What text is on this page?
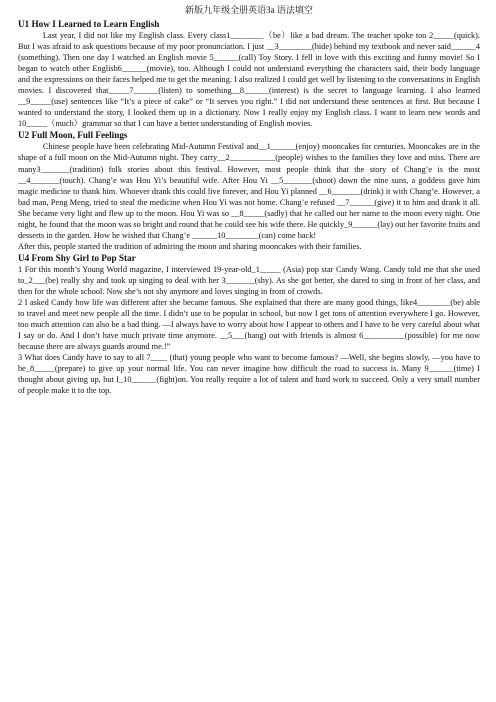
新版九年级全册英语3a 语法填空
U1 How I Learned to Learn English

Last year, I did not like my English class. Every class1________（be）like a bad dream. The teacher spoke too 2_____(quick). But I was afraid to ask questions because of my poor pronunciation. I just __3________(hide) behind my textbook and never said______4 (something). Then one day I watched an English movie 5______(call) Toy Story. I fell in love with this exciting and funny movie! So I began to watch other English6______(movie), too. Although I could not understand everything the characters said, their body language and the expressions on their faces helped me to get the meaning. I also realized I could get well by listening to the conversations in English movies. I discovered that_____7______(listen) to something__8______(interest) is the secret to language learning. I also learned __9_____(use) sentences like “It’s a piece of cake” or “It serves you right.” I did not understand these sentences at first. But because I wanted to understand the story, I looked them up in a dictionary. Now I really enjoy my English class. I want to learn new words and 10_____（much）grammar so that I can have a better understanding of English movies.

U2 Full Moon, Full Feelings

Chinese people have been celebrating Mid-Autumn Festival and__1______(enjoy) mooncakes for centuries. Mooncakes are in the shape of a full moon on the Mid-Autumn night. They carry__2___________(people) wishes to the families they love and miss. There are many3_______(tradition) folk stories about this festival. However, most people think that the story of Chang’e is the most __4_______(touch). Chang’e was Hou Yi’s beautiful wife. After Hou Yi __5_______(shoot) down the nine suns, a goddess gave him magic medicine to thank him. Whoever drank this could live forever, and Hou Yi planned __6_______(drink) it with Chang’e. However, a bad man, Peng Meng, tried to steal the medicine when Hou Yi was not home. Chang’e refused __7______(give) it to him and drank it all. She became very light and flew up to the moon. Hou Yi was so __8_____(sadly) that he called out her name to the moon every night. One night, he found that the moon was so bright and round that he could see his wife there. He quickly_9______(lay) out her favorite fruits and desserts in the garden. How he wished that Chang’e ______10________(can) come back!

After this, people started the tradition of admiring the moon and sharing mooncakes with their families.

U4 From Shy Girl to Pop Star

1 For this month’s Young World magazine, I interviewed 19-year-old_1_____ (Asia) pop star Candy Wang. Candy told me that she used to_2___(be) really shy and took up singing to deal with her 3_______(shy). As she got better, she dared to sing in front of her class, and then for the whole school. Now she’s not shy anymore and loves singing in front of crowds.

2 I asked Candy how life was different after she became famous. She explained that there are many good things, like4________(be) able to travel and meet new people all the time. I didn’t use to be popular in school, but now I get tons of attention everywhere I go. However, too much attention can also be a bad thing. —I always have to worry about how I appear to others and I have to be very careful about what I say or do. And I don’t have much private time anymore. __5___(hang) out with friends is almost 6__________(possible) for me now because there are always guards around me.!”

3 What does Candy have to say to all 7____ (that) young people who want to become famous? —Well, she begins slowly, —you have to be_8_____(prepare) to give up your normal life. You can never imagine how difficult the road to success is. Many 9______(time) I thought about giving up, but I_10______(fight)on. You really require a lot of talent and hard work to succeed. Only a very small number of people make it to the top.
